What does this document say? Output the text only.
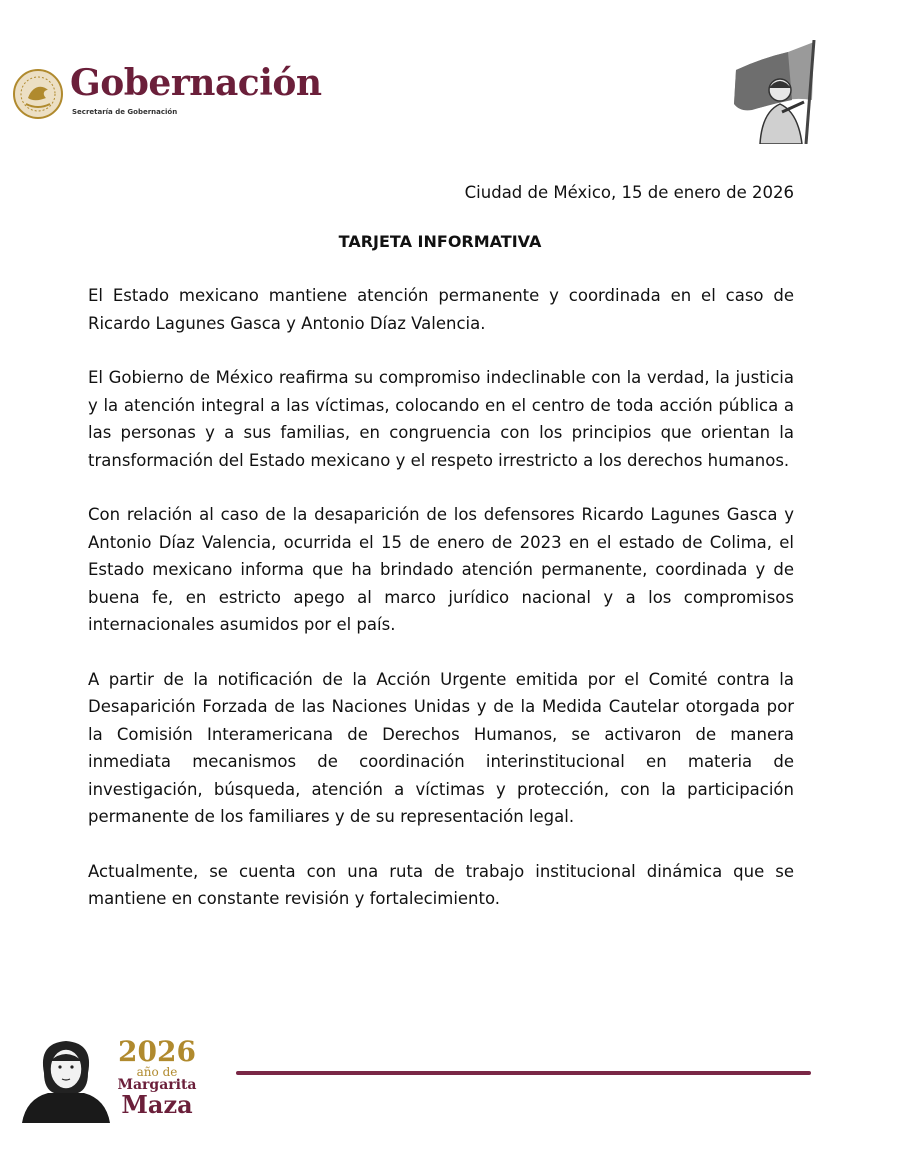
Gobernación
Secretaría de Gobernación
Ciudad de México, 15 de enero de 2026
TARJETA INFORMATIVA

El Estado mexicano mantiene atención permanente y coordinada en el caso de Ricardo Lagunes Gasca y Antonio Díaz Valencia.

El Gobierno de México reafirma su compromiso indeclinable con la verdad, la justicia y la atención integral a las víctimas, colocando en el centro de toda acción pública a las personas y a sus familias, en congruencia con los principios que orientan la transformación del Estado mexicano y el respeto irrestricto a los derechos humanos.

Con relación al caso de la desaparición de los defensores Ricardo Lagunes Gasca y Antonio Díaz Valencia, ocurrida el 15 de enero de 2023 en el estado de Colima, el Estado mexicano informa que ha brindado atención permanente, coordinada y de buena fe, en estricto apego al marco jurídico nacional y a los compromisos internacionales asumidos por el país.

A partir de la notificación de la Acción Urgente emitida por el Comité contra la Desaparición Forzada de las Naciones Unidas y de la Medida Cautelar otorgada por la Comisión Interamericana de Derechos Humanos, se activaron de manera inmediata mecanismos de coordinación interinstitucional en materia de investigación, búsqueda, atención a víctimas y protección, con la participación permanente de los familiares y de su representación legal.

Actualmente, se cuenta con una ruta de trabajo institucional dinámica que se mantiene en constante revisión y fortalecimiento.

2026
año de
Margarita
Maza
